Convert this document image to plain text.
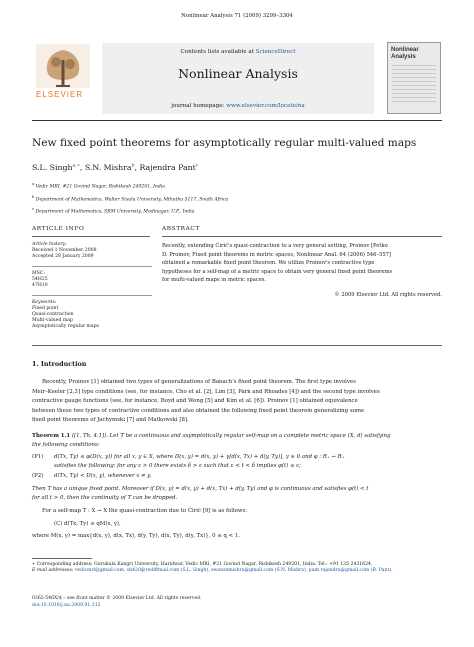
Nonlinear Analysis 71 (2009) 3299–3304
ELSEVIER
Contents lists available at ScienceDirect
Nonlinear Analysis
journal homepage: www.elsevier.com/locate/na
Nonlinear Analysis
New fixed point theorems for asymptotically regular multi-valued maps
S.L. Singh$^{a,∗}$, S.N. Mishra$^b$, Rajendra Pant$^c$
$^a$ Vedic MRI, #21 Govind Nagar, Rishikesh 249201, India
$^b$ Department of Mathematics, Walter Sisulu University, Mthatha 5117, South Africa
$^c$ Department of Mathematics, SRM University, Modinagar, U.P., India
ARTICLE INFO	ABSTRACT
Article history:
Received 1 November 2008
Accepted 28 January 2009
MSC:
54H25
47H10
Keywords:
Fixed point
Quasi-contraction
Multi-valued map
Asymptotically regular maps
Recently, extending Ćirić's quasi-contraction to a very general setting, Proinov [Petko
D. Proinov, Fixed point theorems in metric spaces, Nonlinear Anal. 64 (2006) 546–557]
obtained a remarkable fixed point theorem. We utilize Proinov's contractive type
hypotheses for a self-map of a metric space to obtain very general fixed point theorems
for multi-valued maps in metric spaces.
© 2009 Elsevier Ltd. All rights reserved.
1. Introduction
Recently, Proinov [1] obtained two types of generalizations of Banach's fixed point theorem. The first type involves
Meir–Keeler [2,3] type conditions (see, for instance, Cho et al. [2], Lim [3], Park and Rhoades [4]) and the second type involves
contractive gauge functions (see, for instance, Boyd and Wong [5] and Kim et al. [6]). Proinov [1] obtained equivalence
between these two types of contractive conditions and also obtained the following fixed point theorem generalizing some
fixed point theorems of Jachymski [7] and Matkowski [8].
Theorem 1.1 ([1, Th. 4.1]). Let T be a continuous and asymptotically regular self-map on a complete metric space (X, d) satisfying
the following conditions:
(P1) d(Tx, Ty) ≤ φ(D(x, y)) for all x, y ∈ X, where D(x, y) = d(x, y) + γ[d(x, Tx) + d(y, Ty)], γ ≥ 0 and φ : R₊ → R₊
satisfies the following: for any ε > 0 there exists δ > ε such that ε < t < δ implies φ(t) ≤ ε;
(P2) d(Tx, Ty) < D(x, y), whenever x ≠ y.
Then T has a unique fixed point. Moreover if D(x, y) = d(x, y) + d(x, Tx) + d(y, Ty) and φ is continuous and satisfies φ(t) < t
for all t > 0, then the continuity of T can be dropped.
For a self-map T : X → X the quasi-contraction due to Ćirić [9] is as follows:
(C) d(Tx, Ty) ≤ qM(x, y),
where M(x, y) = max{d(x, y), d(x, Tx), d(y, Ty), d(x, Ty), d(y, Tx)}, 0 ≤ q < 1.
∗ Corresponding address: Gurukula Kangri University, Haridwar, Vedic MRI, #21 Govind Nagar, Rishikesh 249201, India. Tel.: +91 135 2431624.
E-mail addresses: vedicmri@gmail.com, sh420@rediffmail.com (S.L. Singh), swansnmishra@gmail.com (S.N. Mishra), pant.rajendra@gmail.com (R. Pant).
0362-546X/$ – see front matter © 2009 Elsevier Ltd. All rights reserved.
doi:10.1016/j.na.2009.01.212
